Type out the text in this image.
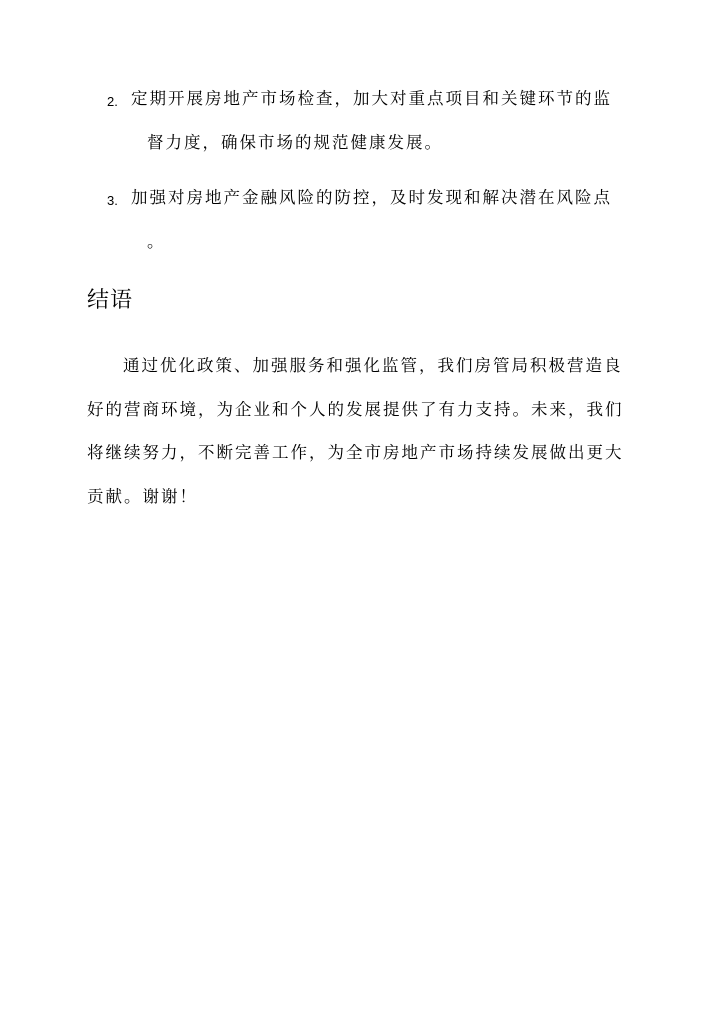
2. 定期开展房地产市场检查，加大对重点项目和关键环节的监
督力度，确保市场的规范健康发展。
3. 加强对房地产金融风险的防控，及时发现和解决潜在风险点
。
结语
通过优化政策、加强服务和强化监管，我们房管局积极营造良
好的营商环境，为企业和个人的发展提供了有力支持。未来，我们
将继续努力，不断完善工作，为全市房地产市场持续发展做出更大
贡献。谢谢！
